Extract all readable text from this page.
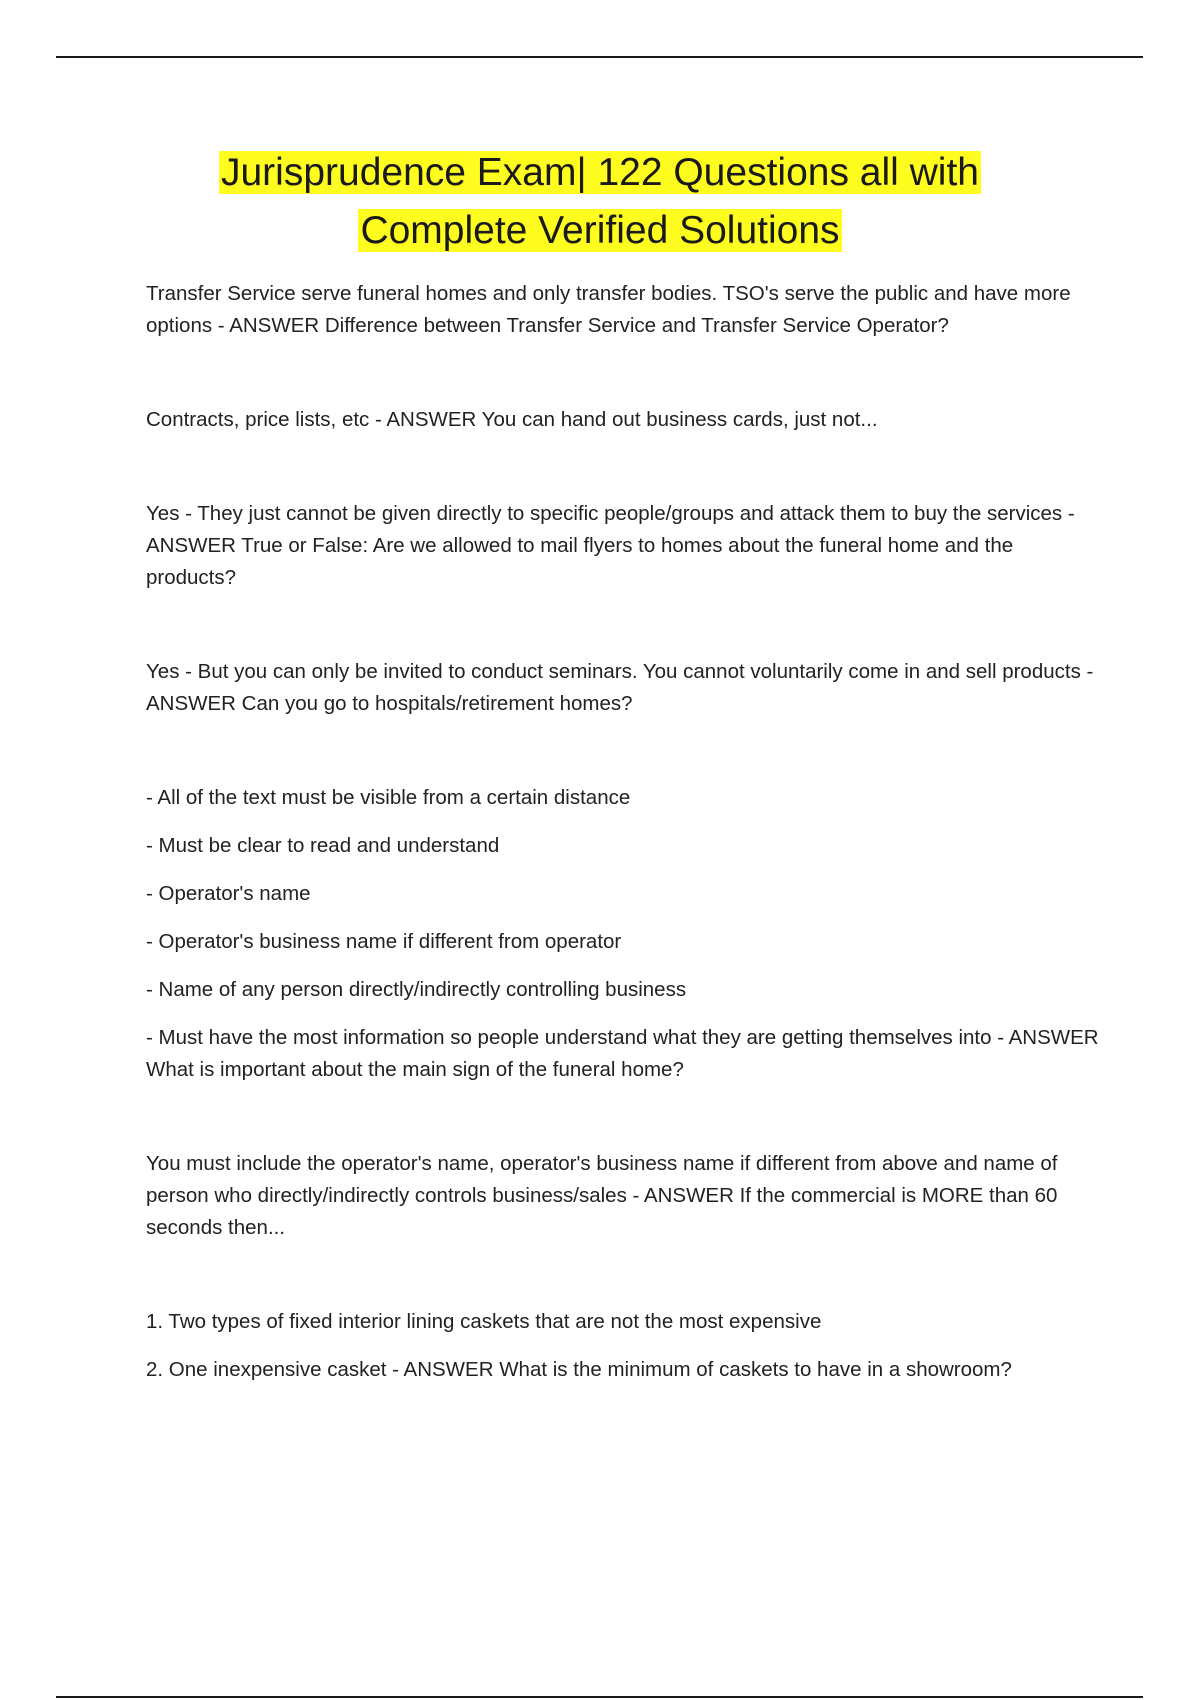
Jurisprudence Exam| 122 Questions all with
Complete Verified Solutions

Transfer Service serve funeral homes and only transfer bodies. TSO's serve the public and have more options - ANSWER Difference between Transfer Service and Transfer Service Operator?

Contracts, price lists, etc - ANSWER You can hand out business cards, just not...

Yes - They just cannot be given directly to specific people/groups and attack them to buy the services - ANSWER True or False: Are we allowed to mail flyers to homes about the funeral home and the products?

Yes - But you can only be invited to conduct seminars. You cannot voluntarily come in and sell products - ANSWER Can you go to hospitals/retirement homes?

- All of the text must be visible from a certain distance

- Must be clear to read and understand

- Operator's name

- Operator's business name if different from operator

- Name of any person directly/indirectly controlling business

- Must have the most information so people understand what they are getting themselves into - ANSWER What is important about the main sign of the funeral home?

You must include the operator's name, operator's business name if different from above and name of person who directly/indirectly controls business/sales - ANSWER If the commercial is MORE than 60 seconds then...

1. Two types of fixed interior lining caskets that are not the most expensive

2. One inexpensive casket - ANSWER What is the minimum of caskets to have in a showroom?
